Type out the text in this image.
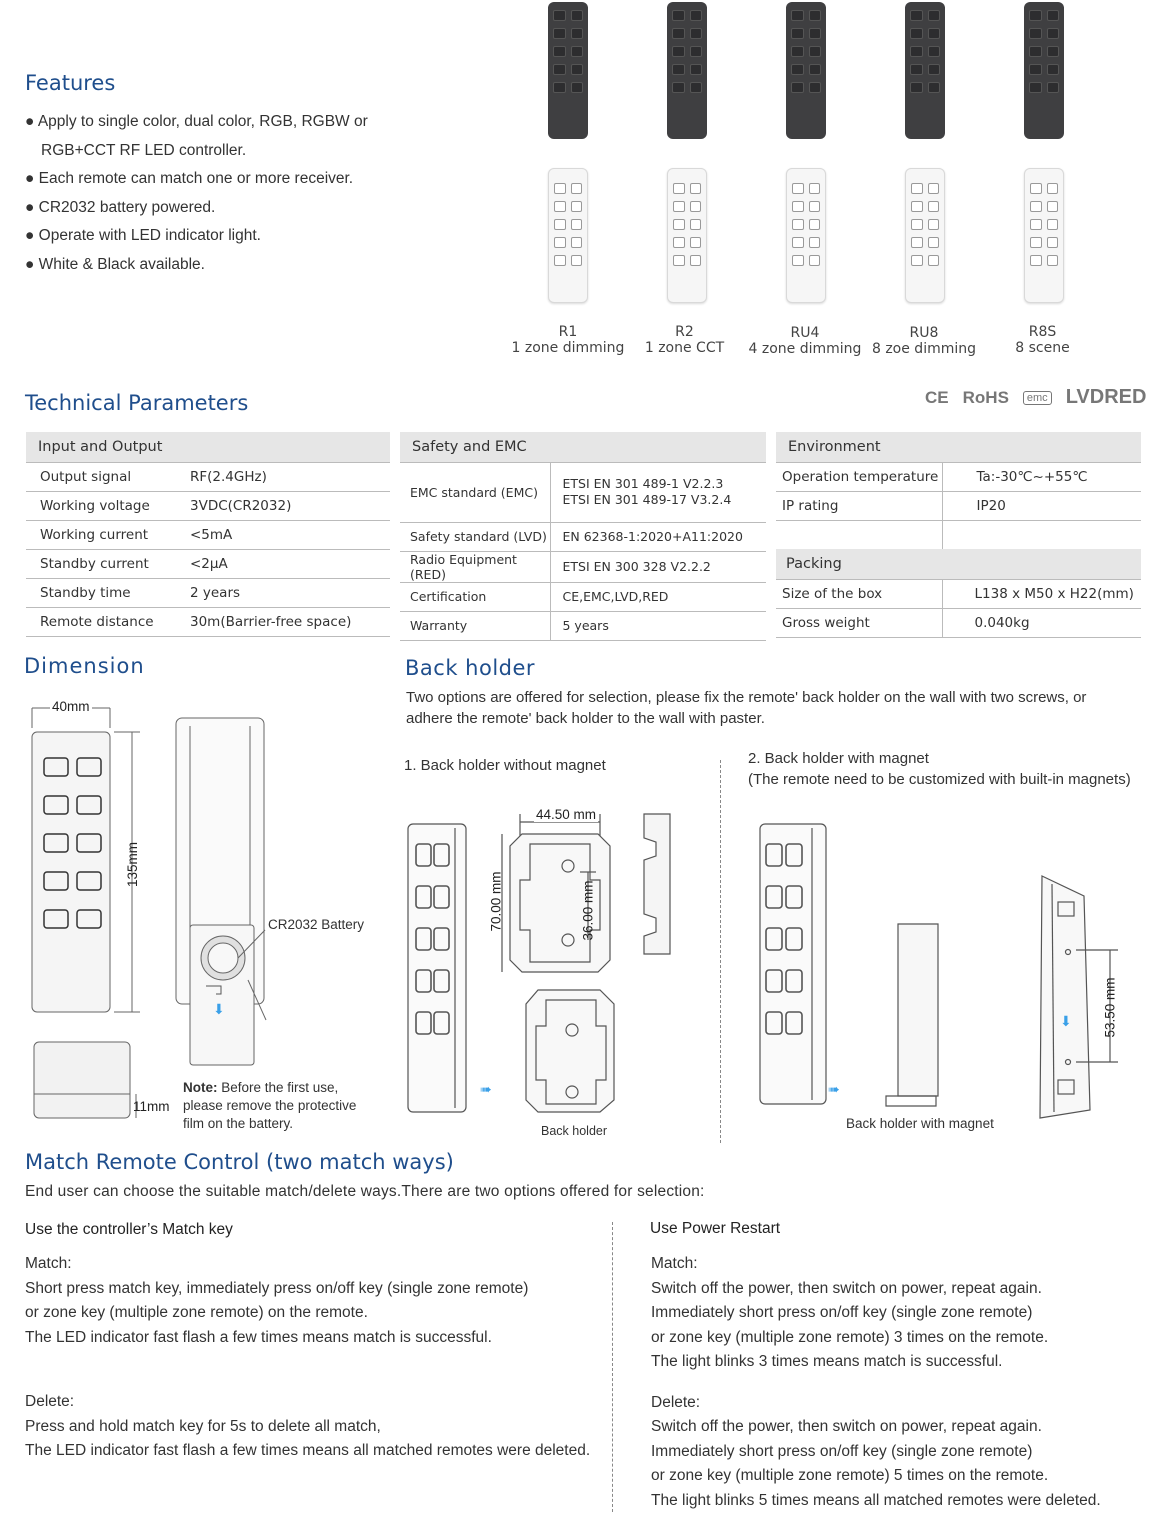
Features
● Apply to single color, dual color, RGB, RGBW or RGB+CCT RF LED controller.
● Each remote can match one or more receiver.
● CR2032 battery powered.
● Operate with LED indicator light.
● White & Black available.
R1
1 zone dimming
R2
1 zone CCT
RU4
4 zone dimming
RU8
8 zoe dimming
R8S
8 scene
Technical Parameters	CE RoHS	emc LVD RED
Input and Output	
Output signal	RF(2.4GHz)
Working voltage	3VDC(CR2032)
Working current	<5mA
Standby current	<2μA
Standby time	2 years
Remote distance	30m(Barrier-free space)
Safety and EMC	
EMC standard (EMC)	ETSI EN 301 489-1 V2.2.3
ETSI EN 301 489-17 V3.2.4

Safety standard (LVD)	EN 62368-1:2020+A11:2020
Radio Equipment (RED)	ETSI EN 300 328 V2.2.2
Certification	CE,EMC,LVD,RED
Warranty	5 years
Environment	
Operation temperature	Ta:-30℃~+55℃
IP rating	IP20

Packing	
Size of the box	L138 x M50 x H22(mm)
Gross weight	0.040kg
Dimension
⬇
40mm
135mm
11mm
CR2032 Battery
Note: Before the first use, please remove the protective film on the battery.
Back holder
Two options are offered for selection, please fix the remote' back holder on the wall with two screws, or adhere the remote' back holder to the wall with paster.
1. Back holder without magnet	2. Back holder with magnet
(The remote need to be customized with built-in magnets)
➠
44.50 mm
70.00 mm	36.00 mm
Back holder
➠
⬇ 53.50 mm
Back holder with magnet
Match Remote Control (two match ways)
End user can choose the suitable match/delete ways.There are two options offered for selection:
Use the controller’s Match key
Match:
Short press match key, immediately press on/off key (single zone remote)
or zone key (multiple zone remote) on the remote.
The LED indicator fast flash a few times means match is successful.
Delete:
Press and hold match key for 5s to delete all match,
The LED indicator fast flash a few times means all matched remotes were deleted.
Use Power Restart
Match:
Switch off the power, then switch on power, repeat again.
Immediately short press on/off key (single zone remote)
or zone key (multiple zone remote) 3 times on the remote.
The light blinks 3 times means match is successful.
Delete:
Switch off the power, then switch on power, repeat again.
Immediately short press on/off key (single zone remote)
or zone key (multiple zone remote) 5 times on the remote.
The light blinks 5 times means all matched remotes were deleted.
